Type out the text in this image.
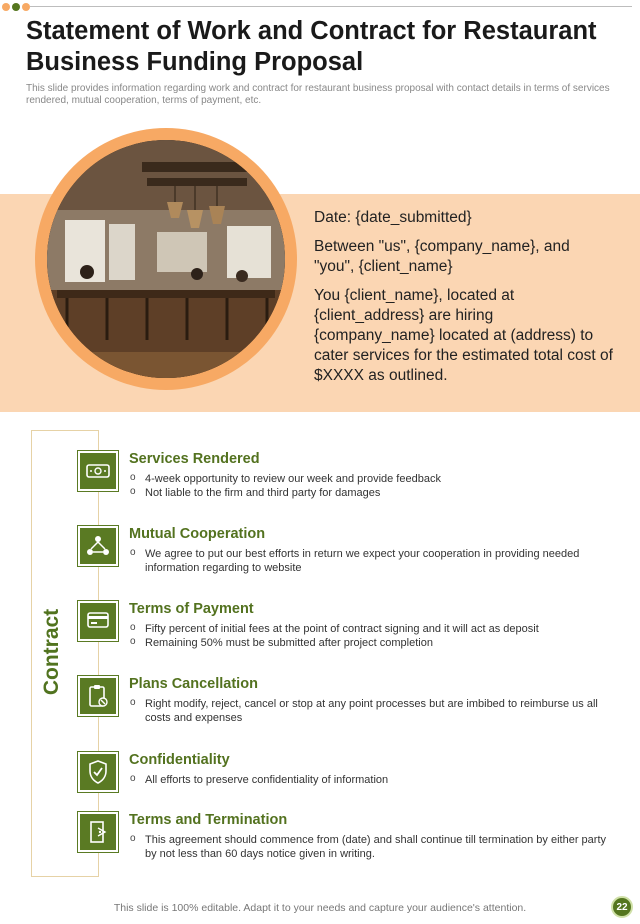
Statement of Work and Contract for Restaurant Business Funding Proposal

This slide provides information regarding work and contract for restaurant business proposal with contact details in terms of services rendered, mutual cooperation, terms of payment, etc.

Date: {date_submitted}

Between "us", {company_name}, and "you", {client_name}

You {client_name}, located at {client_address} are hiring {company_name} located at (address) to cater services for the estimated total cost of $XXXX as outlined.

Contract
Services Rendered
o 4-week opportunity to review our week and provide feedback
o Not liable to the firm and third party for damages
Mutual Cooperation
o We agree to put our best efforts in return we expect your cooperation in providing needed information regarding to website
Terms of Payment
o Fifty percent of initial fees at the point of contract signing and it will act as deposit
o Remaining 50% must be submitted after project completion
Plans Cancellation
o Right modify, reject, cancel or stop at any point processes but are imbibed to reimburse us all costs and expenses
Confidentiality
o All efforts to preserve confidentiality of information
Terms and Termination
o This agreement should commence from (date) and shall continue till termination by either party by not less than 60 days notice given in writing.
This slide is 100% editable. Adapt it to your needs and capture your audience's attention.	22
